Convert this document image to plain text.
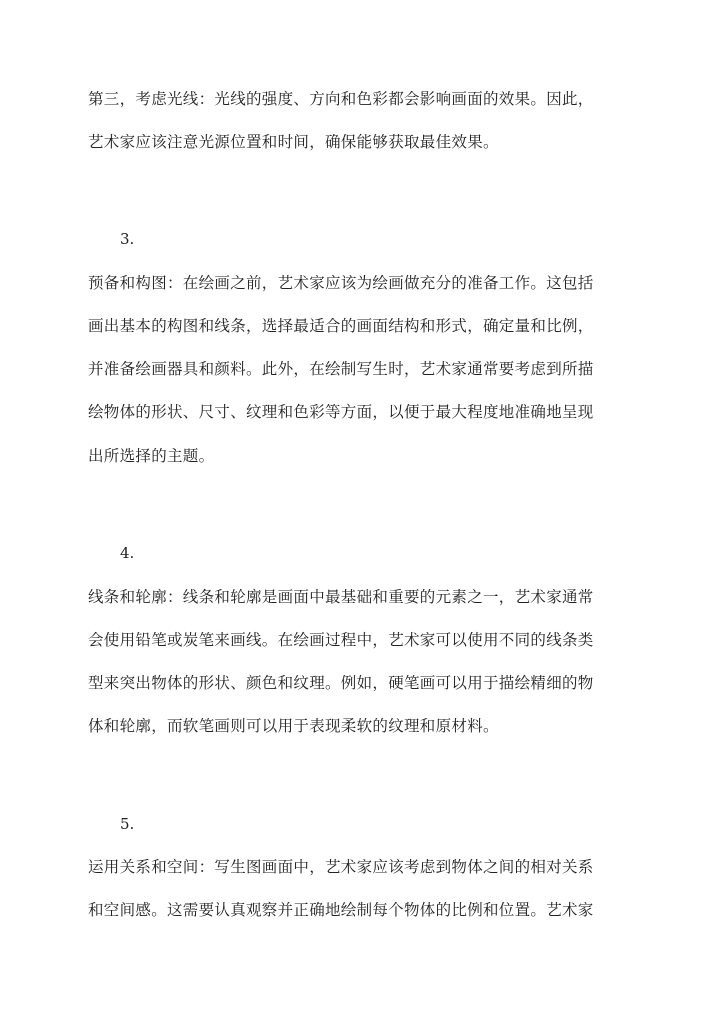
第三，考虑光线：光线的强度、方向和色彩都会影响画面的效果。因此，
艺术家应该注意光源位置和时间，确保能够获取最佳效果。
3.
预备和构图：在绘画之前，艺术家应该为绘画做充分的准备工作。这包括
画出基本的构图和线条，选择最适合的画面结构和形式，确定量和比例，
并准备绘画器具和颜料。此外，在绘制写生时，艺术家通常要考虑到所描
绘物体的形状、尺寸、纹理和色彩等方面，以便于最大程度地准确地呈现
出所选择的主题。
4.
线条和轮廓：线条和轮廓是画面中最基础和重要的元素之一，艺术家通常
会使用铅笔或炭笔来画线。在绘画过程中，艺术家可以使用不同的线条类
型来突出物体的形状、颜色和纹理。例如，硬笔画可以用于描绘精细的物
体和轮廓，而软笔画则可以用于表现柔软的纹理和原材料。
5.
运用关系和空间：写生图画面中，艺术家应该考虑到物体之间的相对关系
和空间感。这需要认真观察并正确地绘制每个物体的比例和位置。艺术家
